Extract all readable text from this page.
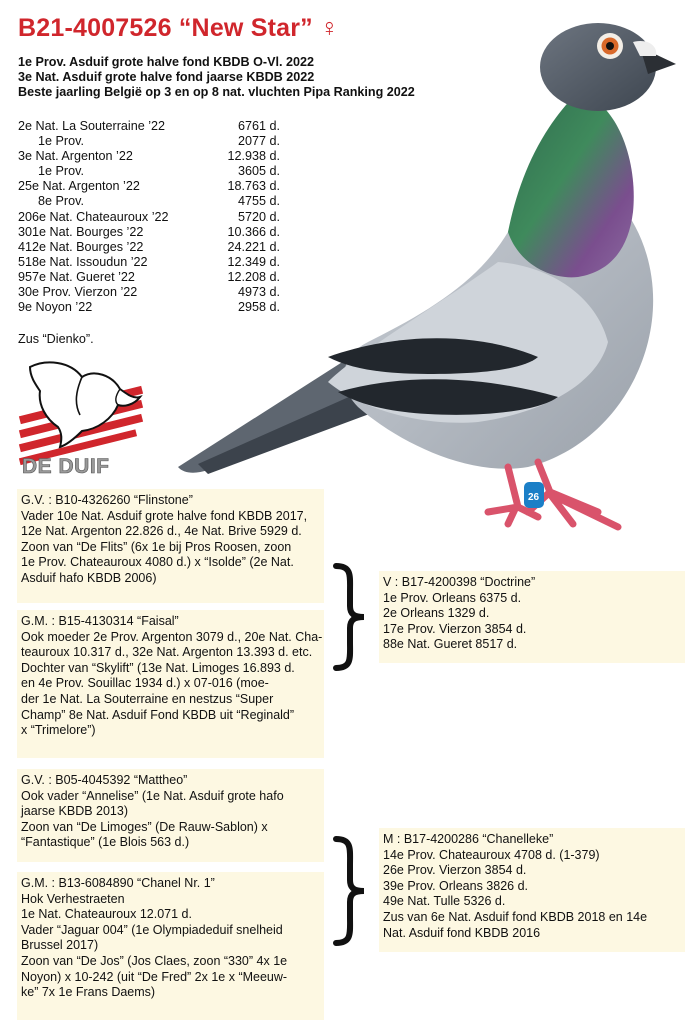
B21-4007526 “New Star” ♀
1e Prov. Asduif grote halve fond KBDB O-Vl. 2022
3e Nat. Asduif grote halve fond jaarse KBDB 2022
Beste jaarling België op 3 en op 8 nat. vluchten Pipa Ranking 2022
2e Nat. La Souterraine ’22	6761 d.
1e Prov.	2077 d.
3e Nat. Argenton ’22	12.938 d.
1e Prov.	3605 d.
25e Nat. Argenton ’22	18.763 d.
8e Prov.	4755 d.
206e Nat. Chateauroux ’22	5720 d.
301e Nat. Bourges ’22	10.366 d.
412e Nat. Bourges ’22	24.221 d.
518e Nat. Issoudun ’22	12.349 d.
957e Nat. Gueret ’22	12.208 d.
30e Prov. Vierzon ’22	4973 d.
9e Noyon ’22	2958 d.
Zus “Dienko”.
DE DUIF
26
G.V. : B10-4326260 “Flinstone”
Vader 10e Nat. Asduif grote halve fond KBDB 2017,
12e Nat. Argenton 22.826 d., 4e Nat. Brive 5929 d.
Zoon van “De Flits” (6x 1e bij Pros Roosen, zoon
1e Prov. Chateauroux 4080 d.) x “Isolde” (2e Nat.
Asduif hafo KBDB 2006)
G.M. : B15-4130314 “Faisal”
Ook moeder 2e Prov. Argenton 3079 d., 20e Nat. Cha-
teauroux 10.317 d., 32e Nat. Argenton 13.393 d. etc.
Dochter van “Skylift” (13e Nat. Limoges 16.893 d.
en 4e Prov. Souillac 1934 d.) x 07-016 (moe-
der 1e Nat. La Souterraine en nestzus “Super
Champ” 8e Nat. Asduif Fond KBDB uit “Reginald”
x “Trimelore”)
V : B17-4200398 “Doctrine”
1e Prov. Orleans 6375 d.
2e Orleans 1329 d.
17e Prov. Vierzon 3854 d.
88e Nat. Gueret 8517 d.
G.V. : B05-4045392 “Mattheo”
Ook vader “Annelise” (1e Nat. Asduif grote hafo
jaarse KBDB 2013)
Zoon van “De Limoges” (De Rauw-Sablon) x
“Fantastique” (1e Blois 563 d.)
G.M. : B13-6084890 “Chanel Nr. 1”
Hok Verhestraeten
1e Nat. Chateauroux 12.071 d.
Vader “Jaguar 004” (1e Olympiadeduif snelheid
Brussel 2017)
Zoon van “De Jos” (Jos Claes, zoon “330” 4x 1e
Noyon) x 10-242 (uit “De Fred” 2x 1e x “Meeuw-
ke” 7x 1e Frans Daems)
M : B17-4200286 “Chanelleke”
14e Prov. Chateauroux 4708 d. (1-379)
26e Prov. Vierzon 3854 d.
39e Prov. Orleans 3826 d.
49e Nat. Tulle 5326 d.
Zus van 6e Nat. Asduif fond KBDB 2018 en 14e
Nat. Asduif fond KBDB 2016
